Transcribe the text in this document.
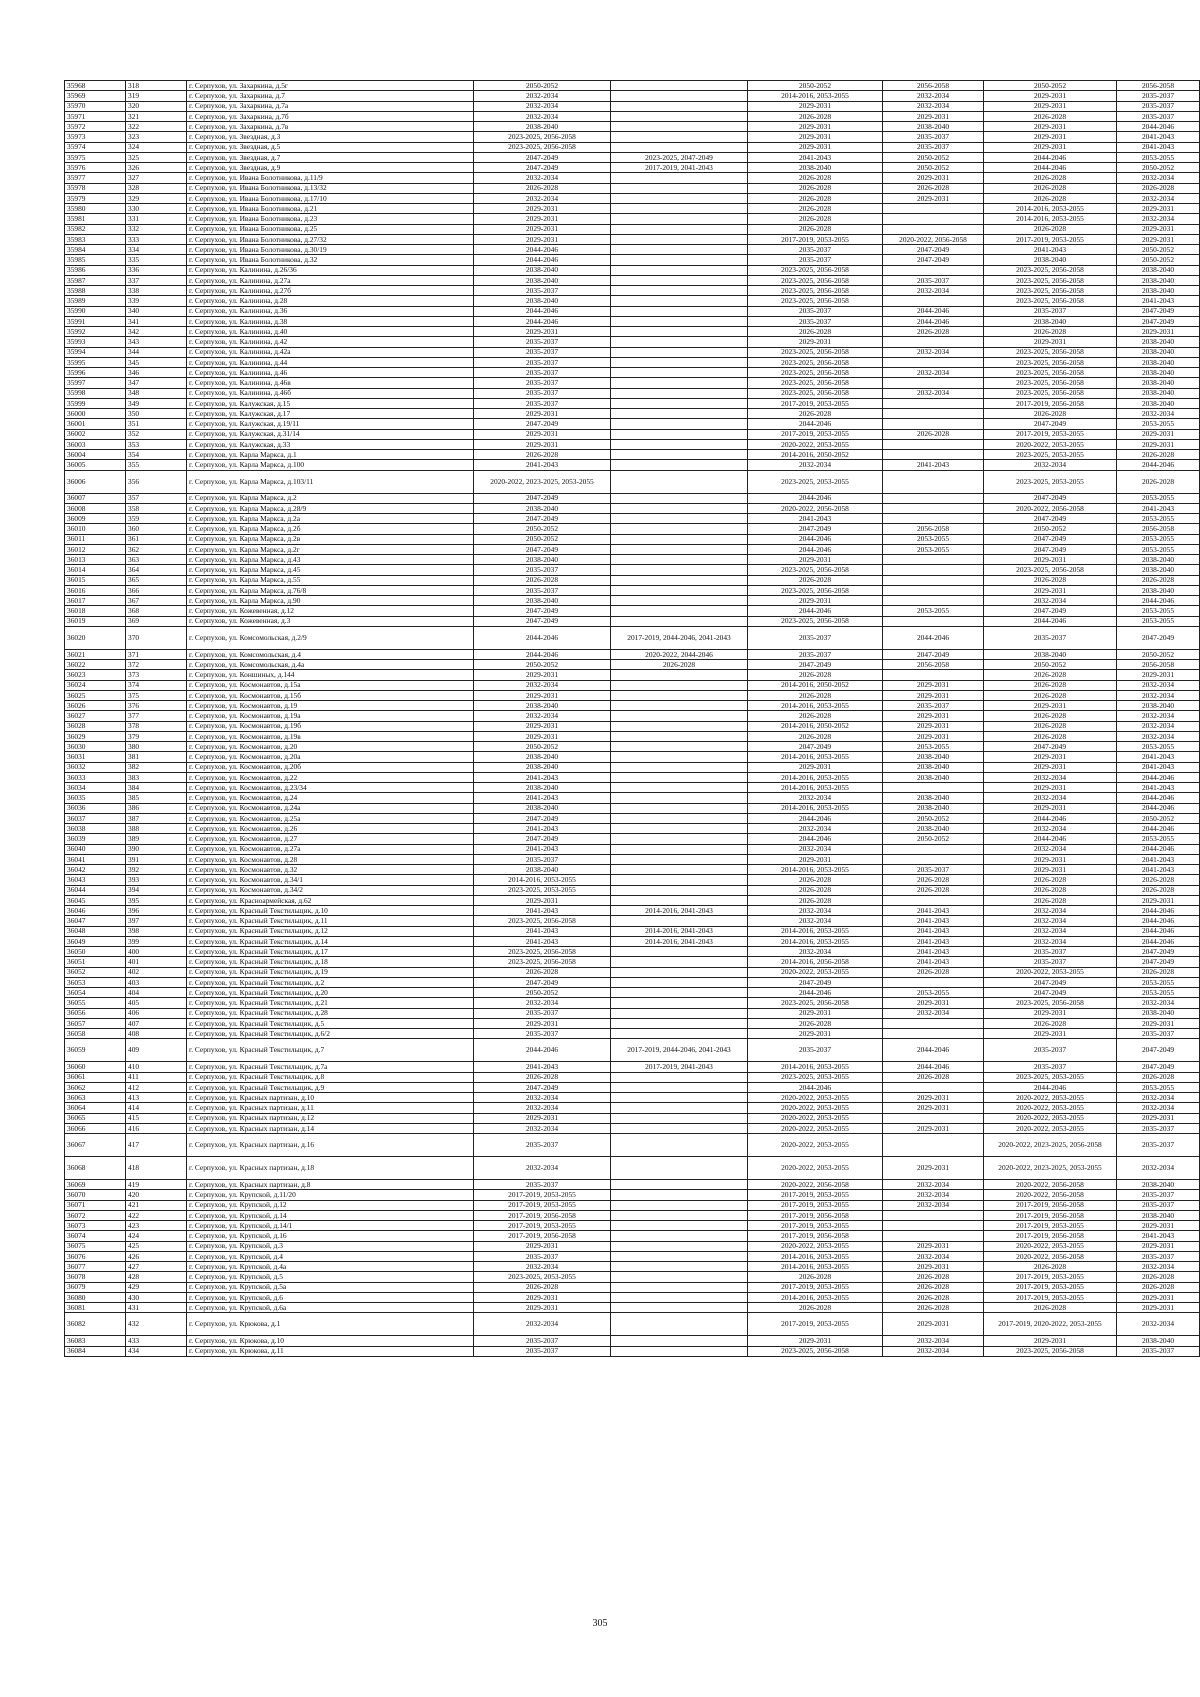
35968	318	г. Серпухов, ул. Захаркина, д.5г	2050-2052		2050-2052	2056-2058	2050-2052	2056-2058
35969	319	г. Серпухов, ул. Захаркина, д.7	2032-2034		2014-2016, 2053-2055	2032-2034	2029-2031	2035-2037
35970	320	г. Серпухов, ул. Захаркина, д.7а	2032-2034		2029-2031	2032-2034	2029-2031	2035-2037
35971	321	г. Серпухов, ул. Захаркина, д.7б	2032-2034		2026-2028	2029-2031	2026-2028	2035-2037
35972	322	г. Серпухов, ул. Захаркина, д.7в	2038-2040		2029-2031	2038-2040	2029-2031	2044-2046
35973	323	г. Серпухов, ул. Звездная, д.3	2023-2025, 2056-2058		2029-2031	2035-2037	2029-2031	2041-2043
35974	324	г. Серпухов, ул. Звездная, д.5	2023-2025, 2056-2058		2029-2031	2035-2037	2029-2031	2041-2043
35975	325	г. Серпухов, ул. Звездная, д.7	2047-2049	2023-2025, 2047-2049	2041-2043	2050-2052	2044-2046	2053-2055
35976	326	г. Серпухов, ул. Звездная, д.9	2047-2049	2017-2019, 2041-2043	2038-2040	2050-2052	2044-2046	2050-2052
35977	327	г. Серпухов, ул. Ивана Болотникова, д.11/9	2032-2034		2026-2028	2029-2031	2026-2028	2032-2034
35978	328	г. Серпухов, ул. Ивана Болотникова, д.13/32	2026-2028		2026-2028	2026-2028	2026-2028	2026-2028
35979	329	г. Серпухов, ул. Ивана Болотникова, д.17/10	2032-2034		2026-2028	2029-2031	2026-2028	2032-2034
35980	330	г. Серпухов, ул. Ивана Болотникова, д.21	2029-2031		2026-2028		2014-2016, 2053-2055	2029-2031
35981	331	г. Серпухов, ул. Ивана Болотникова, д.23	2029-2031		2026-2028		2014-2016, 2053-2055	2032-2034
35982	332	г. Серпухов, ул. Ивана Болотникова, д.25	2029-2031		2026-2028		2026-2028	2029-2031
35983	333	г. Серпухов, ул. Ивана Болотникова, д.27/32	2029-2031		2017-2019, 2053-2055	2020-2022, 2056-2058	2017-2019, 2053-2055	2029-2031
35984	334	г. Серпухов, ул. Ивана Болотникова, д.30/19	2044-2046		2035-2037	2047-2049	2041-2043	2050-2052
35985	335	г. Серпухов, ул. Ивана Болотникова, д.32	2044-2046		2035-2037	2047-2049	2038-2040	2050-2052
35986	336	г. Серпухов, ул. Калинина, д.26/36	2038-2040		2023-2025, 2056-2058		2023-2025, 2056-2058	2038-2040
35987	337	г. Серпухов, ул. Калинина, д.27а	2038-2040		2023-2025, 2056-2058	2035-2037	2023-2025, 2056-2058	2038-2040
35988	338	г. Серпухов, ул. Калинина, д.27б	2035-2037		2023-2025, 2056-2058	2032-2034	2023-2025, 2056-2058	2038-2040
35989	339	г. Серпухов, ул. Калинина, д.28	2038-2040		2023-2025, 2056-2058		2023-2025, 2056-2058	2041-2043
35990	340	г. Серпухов, ул. Калинина, д.36	2044-2046		2035-2037	2044-2046	2035-2037	2047-2049
35991	341	г. Серпухов, ул. Калинина, д.38	2044-2046		2035-2037	2044-2046	2038-2040	2047-2049
35992	342	г. Серпухов, ул. Калинина, д.40	2029-2031		2026-2028	2026-2028	2026-2028	2029-2031
35993	343	г. Серпухов, ул. Калинина, д.42	2035-2037		2029-2031		2029-2031	2038-2040
35994	344	г. Серпухов, ул. Калинина, д.42а	2035-2037		2023-2025, 2056-2058	2032-2034	2023-2025, 2056-2058	2038-2040
35995	345	г. Серпухов, ул. Калинина, д.44	2035-2037		2023-2025, 2056-2058		2023-2025, 2056-2058	2038-2040
35996	346	г. Серпухов, ул. Калинина, д.46	2035-2037		2023-2025, 2056-2058	2032-2034	2023-2025, 2056-2058	2038-2040
35997	347	г. Серпухов, ул. Калинина, д.46в	2035-2037		2023-2025, 2056-2058		2023-2025, 2056-2058	2038-2040
35998	348	г. Серпухов, ул. Калинина, д.46б	2035-2037		2023-2025, 2056-2058	2032-2034	2023-2025, 2056-2058	2038-2040
35999	349	г. Серпухов, ул. Калужская, д.15	2035-2037		2017-2019, 2053-2055		2017-2019, 2056-2058	2038-2040
36000	350	г. Серпухов, ул. Калужская, д.17	2029-2031		2026-2028		2026-2028	2032-2034
36001	351	г. Серпухов, ул. Калужская, д.19/11	2047-2049		2044-2046		2047-2049	2053-2055
36002	352	г. Серпухов, ул. Калужская, д.31/14	2029-2031		2017-2019, 2053-2055	2026-2028	2017-2019, 2053-2055	2029-2031
36003	353	г. Серпухов, ул. Калужская, д.33	2029-2031		2020-2022, 2053-2055		2020-2022, 2053-2055	2029-2031
36004	354	г. Серпухов, ул. Карла Маркса, д.1	2026-2028		2014-2016, 2050-2052		2023-2025, 2053-2055	2026-2028
36005	355	г. Серпухов, ул. Карла Маркса, д.100	2041-2043		2032-2034	2041-2043	2032-2034	2044-2046
36006	356	г. Серпухов, ул. Карла Маркса, д.103/11	2020-2022, 2023-2025, 2053-2055		2023-2025, 2053-2055		2023-2025, 2053-2055	2026-2028
36007	357	г. Серпухов, ул. Карла Маркса, д.2	2047-2049		2044-2046		2047-2049	2053-2055
36008	358	г. Серпухов, ул. Карла Маркса, д.28/9	2038-2040		2020-2022, 2056-2058		2020-2022, 2056-2058	2041-2043
36009	359	г. Серпухов, ул. Карла Маркса, д.2а	2047-2049		2041-2043		2047-2049	2053-2055
36010	360	г. Серпухов, ул. Карла Маркса, д.2б	2050-2052		2047-2049	2056-2058	2050-2052	2056-2058
36011	361	г. Серпухов, ул. Карла Маркса, д.2в	2050-2052		2044-2046	2053-2055	2047-2049	2053-2055
36012	362	г. Серпухов, ул. Карла Маркса, д.2г	2047-2049		2044-2046	2053-2055	2047-2049	2053-2055
36013	363	г. Серпухов, ул. Карла Маркса, д.43	2038-2040		2029-2031		2029-2031	2038-2040
36014	364	г. Серпухов, ул. Карла Маркса, д.45	2035-2037		2023-2025, 2056-2058		2023-2025, 2056-2058	2038-2040
36015	365	г. Серпухов, ул. Карла Маркса, д.55	2026-2028		2026-2028		2026-2028	2026-2028
36016	366	г. Серпухов, ул. Карла Маркса, д.76/8	2035-2037		2023-2025, 2056-2058		2029-2031	2038-2040
36017	367	г. Серпухов, ул. Карла Маркса, д.90	2038-2040		2029-2031		2032-2034	2044-2046
36018	368	г. Серпухов, ул. Кожевенная, д.12	2047-2049		2044-2046	2053-2055	2047-2049	2053-2055
36019	369	г. Серпухов, ул. Кожевенная, д.3	2047-2049		2023-2025, 2056-2058		2044-2046	2053-2055
36020	370	г. Серпухов, ул. Комсомольская, д.2/9	2044-2046	2017-2019, 2044-2046, 2041-2043	2035-2037	2044-2046	2035-2037	2047-2049
36021	371	г. Серпухов, ул. Комсомольская, д.4	2044-2046	2020-2022, 2044-2046	2035-2037	2047-2049	2038-2040	2050-2052
36022	372	г. Серпухов, ул. Комсомольская, д.4а	2050-2052	2026-2028	2047-2049	2056-2058	2050-2052	2056-2058
36023	373	г. Серпухов, ул. Коншиных, д.144	2029-2031		2026-2028		2026-2028	2029-2031
36024	374	г. Серпухов, ул. Космонавтов, д.15а	2032-2034		2014-2016, 2050-2052	2029-2031	2026-2028	2032-2034
36025	375	г. Серпухов, ул. Космонавтов, д.15б	2029-2031		2026-2028	2029-2031	2026-2028	2032-2034
36026	376	г. Серпухов, ул. Космонавтов, д.19	2038-2040		2014-2016, 2053-2055	2035-2037	2029-2031	2038-2040
36027	377	г. Серпухов, ул. Космонавтов, д.19а	2032-2034		2026-2028	2029-2031	2026-2028	2032-2034
36028	378	г. Серпухов, ул. Космонавтов, д.19б	2029-2031		2014-2016, 2050-2052	2029-2031	2026-2028	2032-2034
36029	379	г. Серпухов, ул. Космонавтов, д.19в	2029-2031		2026-2028	2029-2031	2026-2028	2032-2034
36030	380	г. Серпухов, ул. Космонавтов, д.20	2050-2052		2047-2049	2053-2055	2047-2049	2053-2055
36031	381	г. Серпухов, ул. Космонавтов, д.20а	2038-2040		2014-2016, 2053-2055	2038-2040	2029-2031	2041-2043
36032	382	г. Серпухов, ул. Космонавтов, д.20б	2038-2040		2029-2031	2038-2040	2029-2031	2041-2043
36033	383	г. Серпухов, ул. Космонавтов, д.22	2041-2043		2014-2016, 2053-2055	2038-2040	2032-2034	2044-2046
36034	384	г. Серпухов, ул. Космонавтов, д.23/34	2038-2040		2014-2016, 2053-2055		2029-2031	2041-2043
36035	385	г. Серпухов, ул. Космонавтов, д.24	2041-2043		2032-2034	2038-2040	2032-2034	2044-2046
36036	386	г. Серпухов, ул. Космонавтов, д.24а	2038-2040		2014-2016, 2053-2055	2038-2040	2029-2031	2044-2046
36037	387	г. Серпухов, ул. Космонавтов, д.25а	2047-2049		2044-2046	2050-2052	2044-2046	2050-2052
36038	388	г. Серпухов, ул. Космонавтов, д.26	2041-2043		2032-2034	2038-2040	2032-2034	2044-2046
36039	389	г. Серпухов, ул. Космонавтов, д.27	2047-2049		2044-2046	2050-2052	2044-2046	2053-2055
36040	390	г. Серпухов, ул. Космонавтов, д.27а	2041-2043		2032-2034		2032-2034	2044-2046
36041	391	г. Серпухов, ул. Космонавтов, д.28	2035-2037		2029-2031		2029-2031	2041-2043
36042	392	г. Серпухов, ул. Космонавтов, д.32	2038-2040		2014-2016, 2053-2055	2035-2037	2029-2031	2041-2043
36043	393	г. Серпухов, ул. Космонавтов, д.34/1	2014-2016, 2053-2055		2026-2028	2026-2028	2026-2028	2026-2028
36044	394	г. Серпухов, ул. Космонавтов, д.34/2	2023-2025, 2053-2055		2026-2028	2026-2028	2026-2028	2026-2028
36045	395	г. Серпухов, ул. Красноармейская, д.62	2029-2031		2026-2028		2026-2028	2029-2031
36046	396	г. Серпухов, ул. Красный Текстильщик, д.10	2041-2043	2014-2016, 2041-2043	2032-2034	2041-2043	2032-2034	2044-2046
36047	397	г. Серпухов, ул. Красный Текстильщик, д.11	2023-2025, 2056-2058		2032-2034	2041-2043	2032-2034	2044-2046
36048	398	г. Серпухов, ул. Красный Текстильщик, д.12	2041-2043	2014-2016, 2041-2043	2014-2016, 2053-2055	2041-2043	2032-2034	2044-2046
36049	399	г. Серпухов, ул. Красный Текстильщик, д.14	2041-2043	2014-2016, 2041-2043	2014-2016, 2053-2055	2041-2043	2032-2034	2044-2046
36050	400	г. Серпухов, ул. Красный Текстильщик, д.17	2023-2025, 2056-2058		2032-2034	2041-2043	2035-2037	2047-2049
36051	401	г. Серпухов, ул. Красный Текстильщик, д.18	2023-2025, 2056-2058		2014-2016, 2056-2058	2041-2043	2035-2037	2047-2049
36052	402	г. Серпухов, ул. Красный Текстильщик, д.19	2026-2028		2020-2022, 2053-2055	2026-2028	2020-2022, 2053-2055	2026-2028
36053	403	г. Серпухов, ул. Красный Текстильщик, д.2	2047-2049		2047-2049		2047-2049	2053-2055
36054	404	г. Серпухов, ул. Красный Текстильщик, д.20	2050-2052		2044-2046	2053-2055	2047-2049	2053-2055
36055	405	г. Серпухов, ул. Красный Текстильщик, д.21	2032-2034		2023-2025, 2056-2058	2029-2031	2023-2025, 2056-2058	2032-2034
36056	406	г. Серпухов, ул. Красный Текстильщик, д.28	2035-2037		2029-2031	2032-2034	2029-2031	2038-2040
36057	407	г. Серпухов, ул. Красный Текстильщик, д.5	2029-2031		2026-2028		2026-2028	2029-2031
36058	408	г. Серпухов, ул. Красный Текстильщик, д.6/2	2035-2037		2029-2031		2029-2031	2035-2037
36059	409	г. Серпухов, ул. Красный Текстильщик, д.7	2044-2046	2017-2019, 2044-2046, 2041-2043	2035-2037	2044-2046	2035-2037	2047-2049
36060	410	г. Серпухов, ул. Красный Текстильщик, д.7а	2041-2043	2017-2019, 2041-2043	2014-2016, 2053-2055	2044-2046	2035-2037	2047-2049
36061	411	г. Серпухов, ул. Красный Текстильщик, д.8	2026-2028		2023-2025, 2053-2055	2026-2028	2023-2025, 2053-2055	2026-2028
36062	412	г. Серпухов, ул. Красный Текстильщик, д.9	2047-2049		2044-2046		2044-2046	2053-2055
36063	413	г. Серпухов, ул. Красных партизан, д.10	2032-2034		2020-2022, 2053-2055	2029-2031	2020-2022, 2053-2055	2032-2034
36064	414	г. Серпухов, ул. Красных партизан, д.11	2032-2034		2020-2022, 2053-2055	2029-2031	2020-2022, 2053-2055	2032-2034
36065	415	г. Серпухов, ул. Красных партизан, д.12	2029-2031		2020-2022, 2053-2055		2020-2022, 2053-2055	2029-2031
36066	416	г. Серпухов, ул. Красных партизан, д.14	2032-2034		2020-2022, 2053-2055	2029-2031	2020-2022, 2053-2055	2035-2037
36067	417	г. Серпухов, ул. Красных партизан, д.16	2035-2037		2020-2022, 2053-2055		2020-2022, 2023-2025, 2056-2058	2035-2037
36068	418	г. Серпухов, ул. Красных партизан, д.18	2032-2034		2020-2022, 2053-2055	2029-2031	2020-2022, 2023-2025, 2053-2055	2032-2034
36069	419	г. Серпухов, ул. Красных партизан, д.8	2035-2037		2020-2022, 2056-2058	2032-2034	2020-2022, 2056-2058	2038-2040
36070	420	г. Серпухов, ул. Крупской, д.11/20	2017-2019, 2053-2055		2017-2019, 2053-2055	2032-2034	2020-2022, 2056-2058	2035-2037
36071	421	г. Серпухов, ул. Крупской, д.12	2017-2019, 2053-2055		2017-2019, 2053-2055	2032-2034	2017-2019, 2056-2058	2035-2037
36072	422	г. Серпухов, ул. Крупской, д.14	2017-2019, 2056-2058		2017-2019, 2056-2058		2017-2019, 2056-2058	2038-2040
36073	423	г. Серпухов, ул. Крупской, д.14/1	2017-2019, 2053-2055		2017-2019, 2053-2055		2017-2019, 2053-2055	2029-2031
36074	424	г. Серпухов, ул. Крупской, д.16	2017-2019, 2056-2058		2017-2019, 2056-2058		2017-2019, 2056-2058	2041-2043
36075	425	г. Серпухов, ул. Крупской, д.3	2029-2031		2020-2022, 2053-2055	2029-2031	2020-2022, 2053-2055	2029-2031
36076	426	г. Серпухов, ул. Крупской, д.4	2035-2037		2014-2016, 2053-2055	2032-2034	2020-2022, 2056-2058	2035-2037
36077	427	г. Серпухов, ул. Крупской, д.4а	2032-2034		2014-2016, 2053-2055	2029-2031	2026-2028	2032-2034
36078	428	г. Серпухов, ул. Крупской, д.5	2023-2025, 2053-2055		2026-2028	2026-2028	2017-2019, 2053-2055	2026-2028
36079	429	г. Серпухов, ул. Крупской, д.5а	2026-2028		2017-2019, 2053-2055	2026-2028	2017-2019, 2053-2055	2026-2028
36080	430	г. Серпухов, ул. Крупской, д.6	2029-2031		2014-2016, 2053-2055	2026-2028	2017-2019, 2053-2055	2029-2031
36081	431	г. Серпухов, ул. Крупской, д.6а	2029-2031		2026-2028	2026-2028	2026-2028	2029-2031
36082	432	г. Серпухов, ул. Крюкова, д.1	2032-2034		2017-2019, 2053-2055	2029-2031	2017-2019, 2020-2022, 2053-2055	2032-2034
36083	433	г. Серпухов, ул. Крюкова, д.10	2035-2037		2029-2031	2032-2034	2029-2031	2038-2040
36084	434	г. Серпухов, ул. Крюкова, д.11	2035-2037		2023-2025, 2056-2058	2032-2034	2023-2025, 2056-2058	2035-2037
305
